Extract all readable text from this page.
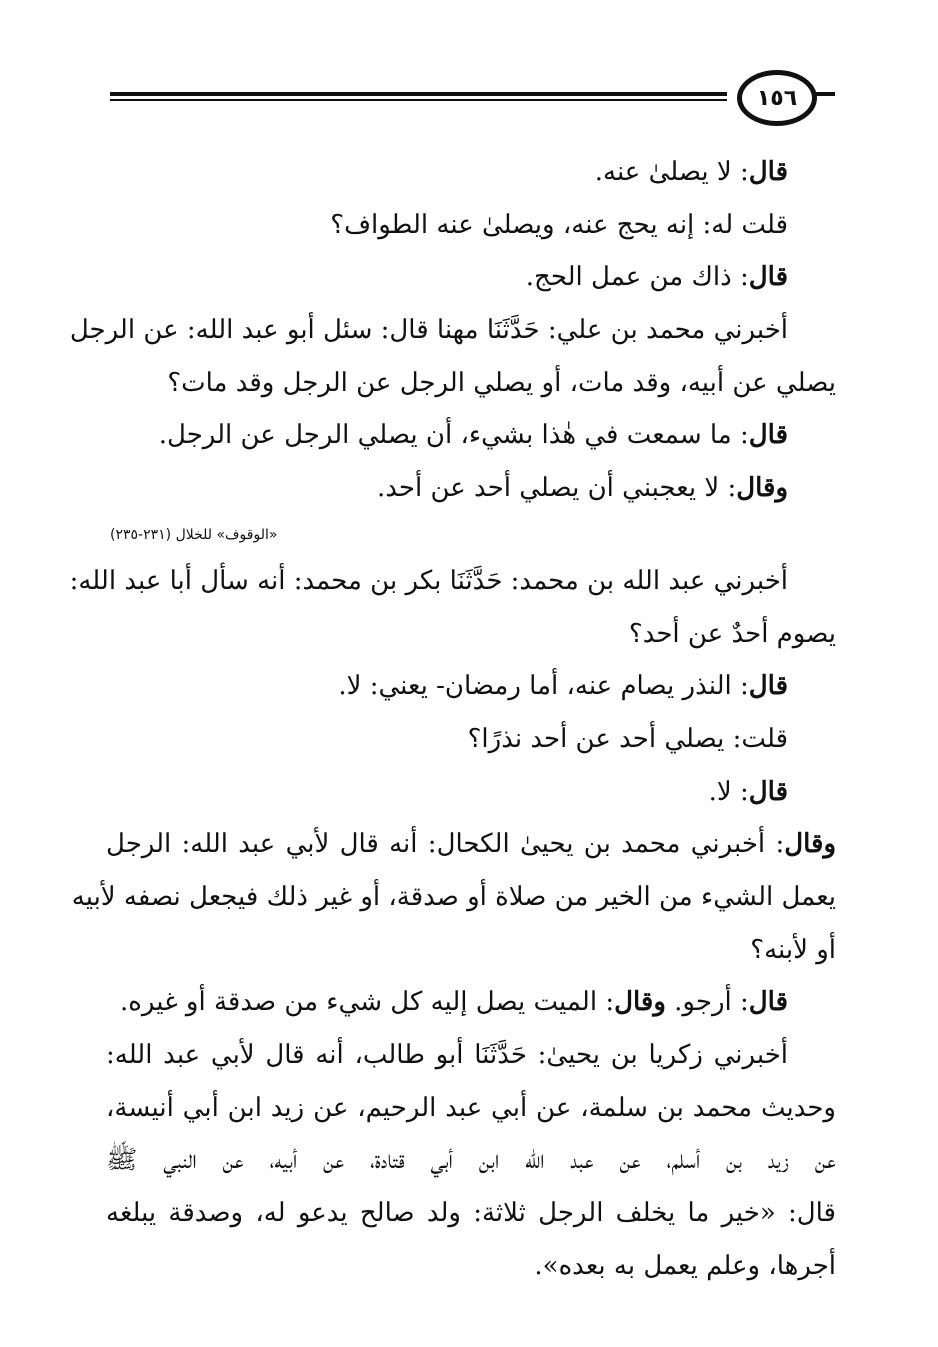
١٥٦
قال: لا يصلىٰ عنه.
قلت له: إنه يحج عنه، ويصلىٰ عنه الطواف؟
قال: ذاك من عمل الحج.
أخبرني محمد بن علي: حَدَّثَنَا مهنا قال: سئل أبو عبد الله: عن الرجل
يصلي عن أبيه، وقد مات، أو يصلي الرجل عن الرجل وقد مات؟
قال: ما سمعت في هٰذا بشيء، أن يصلي الرجل عن الرجل.
وقال: لا يعجبني أن يصلي أحد عن أحد.
«الوقوف» للخلال (٢٣١-٢٣٥)
أخبرني عبد الله بن محمد: حَدَّثَنَا بكر بن محمد: أنه سأل أبا عبد الله:
يصوم أحدٌ عن أحد؟
قال: النذر يصام عنه، أما رمضان- يعني: لا.
قلت: يصلي أحد عن أحد نذرًا؟
قال: لا.
وقال: أخبرني محمد بن يحيىٰ الكحال: أنه قال لأبي عبد الله: الرجل
يعمل الشيء من الخير من صلاة أو صدقة، أو غير ذلك فيجعل نصفه لأبيه
أو لأبنه؟
قال: أرجو. وقال: الميت يصل إليه كل شيء من صدقة أو غيره.
أخبرني زكريا بن يحيىٰ: حَدَّثَنَا أبو طالب، أنه قال لأبي عبد الله:
وحديث محمد بن سلمة، عن أبي عبد الرحيم، عن زيد ابن أبي أنيسة،
عن زيد بن أسلم، عن عبد الله ابن أبي قتادة، عن أبيه، عن النبي ﷺ
قال: «خير ما يخلف الرجل ثلاثة: ولد صالح يدعو له، وصدقة يبلغه
أجرها، وعلم يعمل به بعده».
